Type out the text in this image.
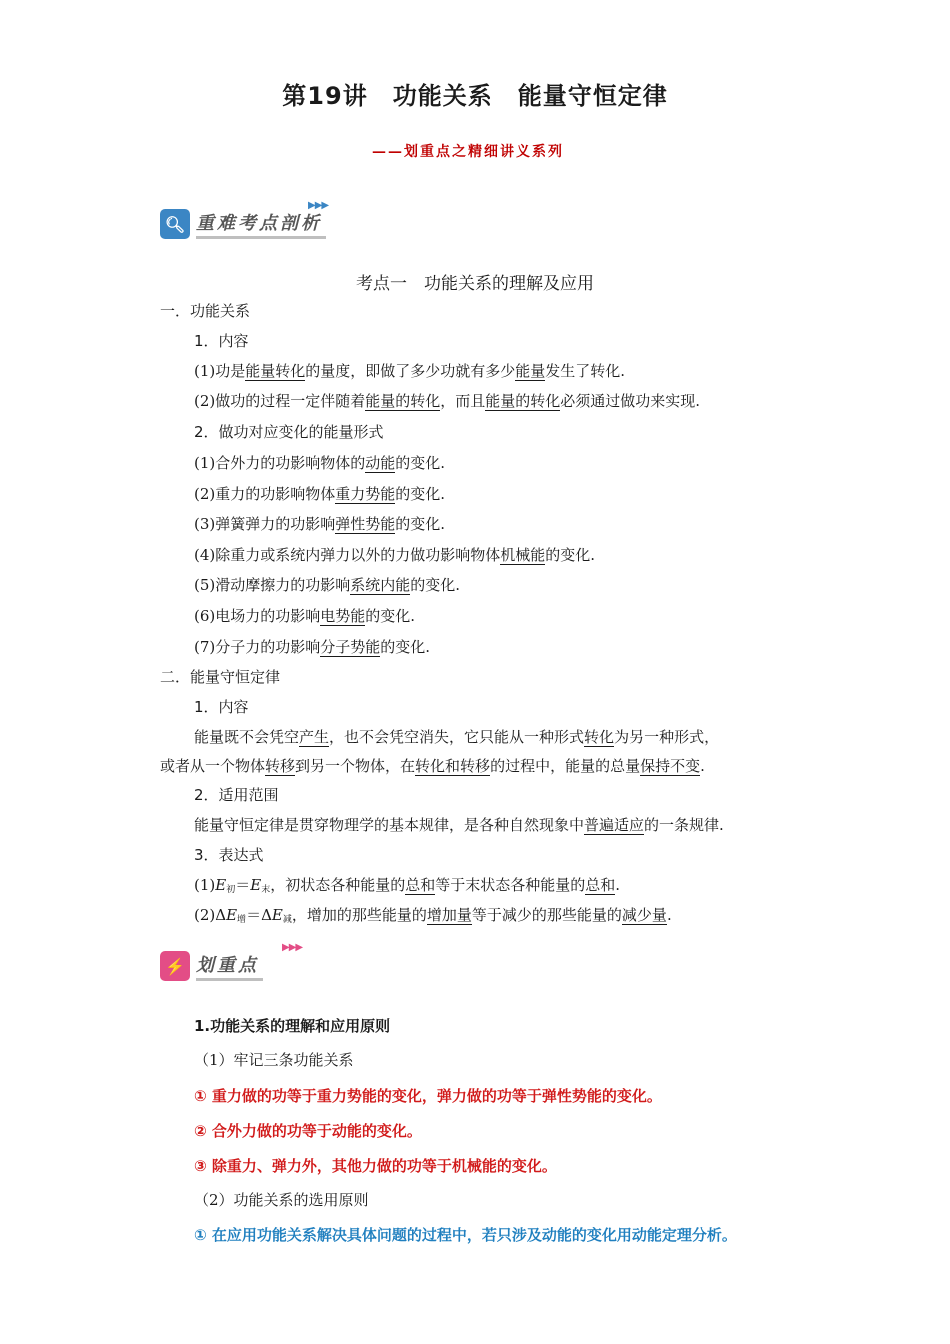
第19讲　功能关系　能量守恒定律
——划重点之精细讲义系列
🔍︎ 重难考点剖析
▶▶▶
考点一　功能关系的理解及应用
一．功能关系
1．内容
(1)功是能量转化的量度，即做了多少功就有多少能量发生了转化.
(2)做功的过程一定伴随着能量的转化，而且能量的转化必须通过做功来实现.
2．做功对应变化的能量形式
(1)合外力的功影响物体的动能的变化.
(2)重力的功影响物体重力势能的变化.
(3)弹簧弹力的功影响弹性势能的变化.
(4)除重力或系统内弹力以外的力做功影响物体机械能的变化.
(5)滑动摩擦力的功影响系统内能的变化.
(6)电场力的功影响电势能的变化.
(7)分子力的功影响分子势能的变化.
二．能量守恒定律
1．内容
能量既不会凭空产生，也不会凭空消失，它只能从一种形式转化为另一种形式，
或者从一个物体转移到另一个物体，在转化和转移的过程中，能量的总量保持不变.
2．适用范围
能量守恒定律是贯穿物理学的基本规律，是各种自然现象中普遍适应的一条规律.
3．表达式
$(1)E_初=E_末$，初状态各种能量的总和等于末状态各种能量的总和.
$(2)\Delta E_增=\Delta E_减$，增加的那些能量的增加量等于减少的那些能量的减少量.
⚡ 划重点
▶▶▶
1.功能关系的理解和应用原则
（1）牢记三条功能关系
① 重力做的功等于重力势能的变化，弹力做的功等于弹性势能的变化。
② 合外力做的功等于动能的变化。
③ 除重力、弹力外，其他力做的功等于机械能的变化。
（2）功能关系的选用原则
① 在应用功能关系解决具体问题的过程中，若只涉及动能的变化用动能定理分析。
